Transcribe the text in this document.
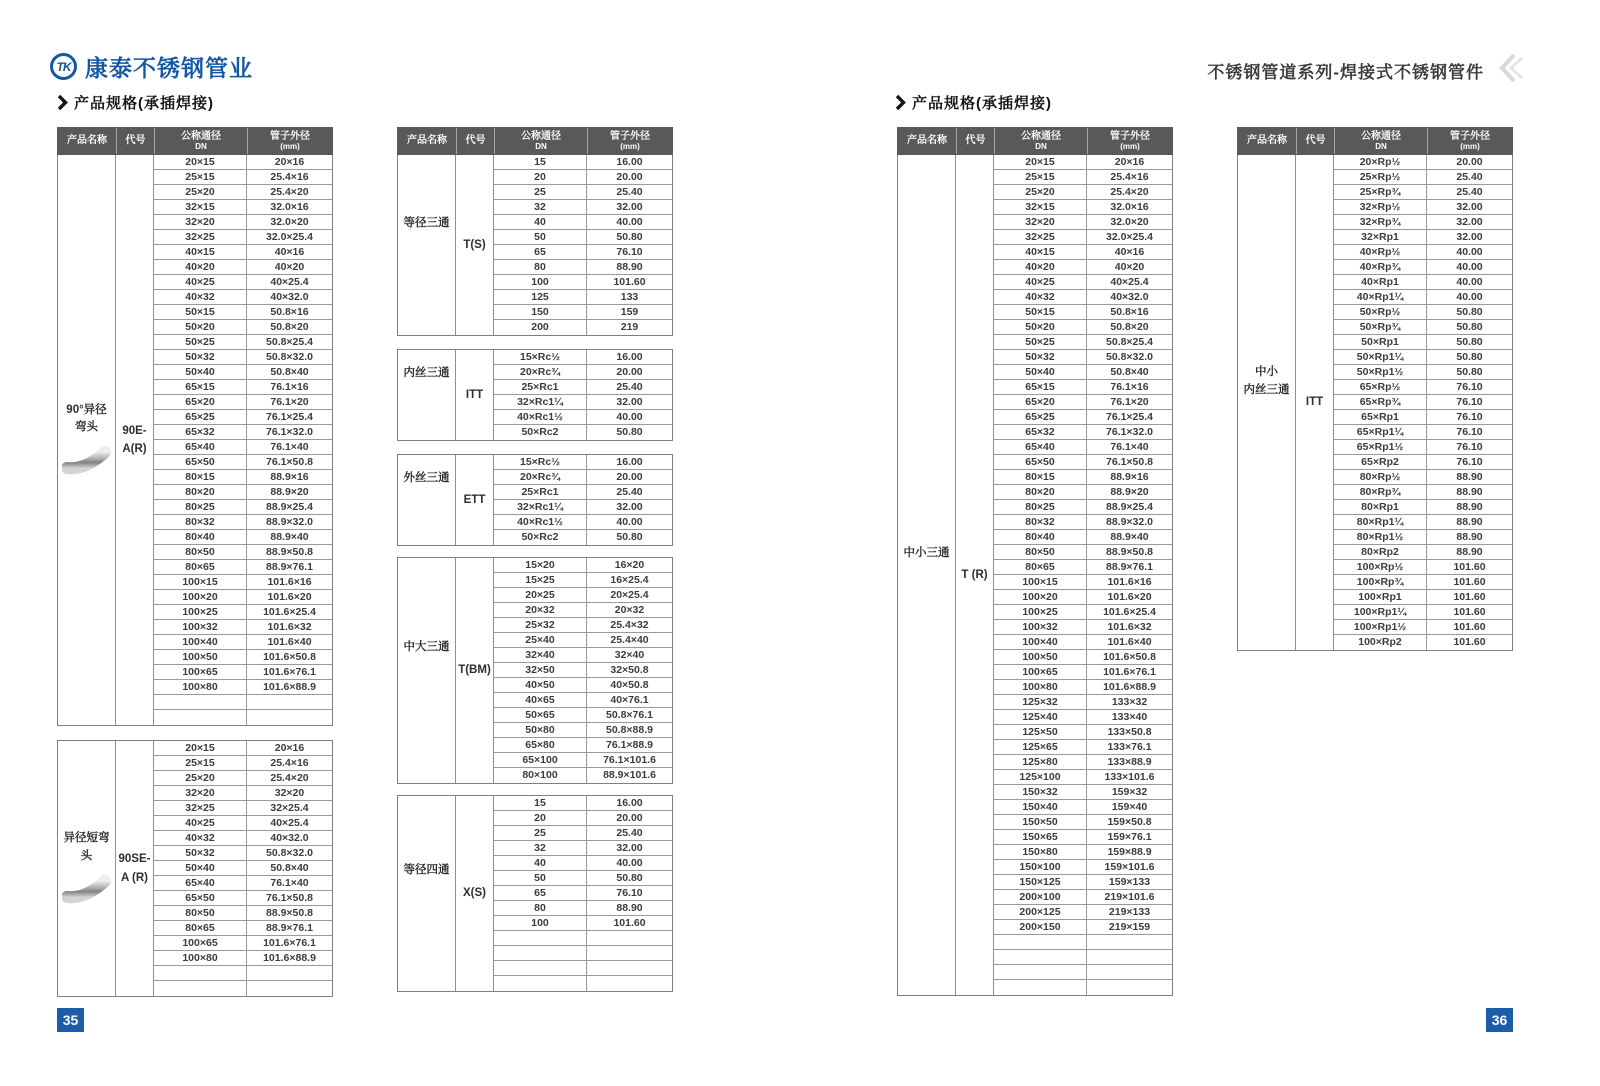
TK 康泰不锈钢管业	不锈钢管道系列-焊接式不锈钢管件
产品规格(承插焊接)	产品规格(承插焊接)
产品名称	代号	公称通径
DN
管子外径
(mm)
90°异径
弯头	90E-A(R)
20×15	20×16
25×15	25.4×16
25×20	25.4×20
32×15	32.0×16
32×20	32.0×20
32×25	32.0×25.4
40×15	40×16
40×20	40×20
40×25	40×25.4
40×32	40×32.0
50×15	50.8×16
50×20	50.8×20
50×25	50.8×25.4
50×32	50.8×32.0
50×40	50.8×40
65×15	76.1×16
65×20	76.1×20
65×25	76.1×25.4
65×32	76.1×32.0
65×40	76.1×40
65×50	76.1×50.8
80×15	88.9×16
80×20	88.9×20
80×25	88.9×25.4
80×32	88.9×32.0
80×40	88.9×40
80×50	88.9×50.8
80×65	88.9×76.1
100×15	101.6×16
100×20	101.6×20
100×25	101.6×25.4
100×32	101.6×32
100×40	101.6×40
100×50	101.6×50.8
100×65	101.6×76.1
100×80	101.6×88.9
异径短弯头	90SE-A (R)
20×15	20×16
25×15	25.4×16
25×20	25.4×20
32×20	32×20
32×25	32×25.4
40×25	40×25.4
40×32	40×32.0
50×32	50.8×32.0
50×40	50.8×40
65×40	76.1×40
65×50	76.1×50.8
80×50	88.9×50.8
80×65	88.9×76.1
100×65	101.6×76.1
100×80	101.6×88.9
产品名称	代号	公称通径
DN
管子外径
(mm)
等径三通
T(S)
15	16.00
20	20.00
25	25.40
32	32.00
40	40.00
50	50.80
65	76.10
80	88.90
100	101.60
125	133
150	159
200	219
内丝三通
ITT
15×Rc½	16.00
20×Rc¾	20.00
25×Rc1	25.40
32×Rc1¼	32.00
40×Rc1½	40.00
50×Rc2	50.80
外丝三通
ETT
15×Rc½	16.00
20×Rc¾	20.00
25×Rc1	25.40
32×Rc1¼	32.00
40×Rc1½	40.00
50×Rc2	50.80
中大三通
T(BM)
15×20	16×20
15×25	16×25.4
20×25	20×25.4
20×32	20×32
25×32	25.4×32
25×40	25.4×40
32×40	32×40
32×50	32×50.8
40×50	40×50.8
40×65	40×76.1
50×65	50.8×76.1
50×80	50.8×88.9
65×80	76.1×88.9
65×100	76.1×101.6
80×100	88.9×101.6
等径四通
X(S)
15	16.00
20	20.00
25	25.40
32	32.00
40	40.00
50	50.80
65	76.10
80	88.90
100	101.60
产品名称	代号	公称通径
DN
管子外径
(mm)
中小三通
T (R)
20×15	20×16
25×15	25.4×16
25×20	25.4×20
32×15	32.0×16
32×20	32.0×20
32×25	32.0×25.4
40×15	40×16
40×20	40×20
40×25	40×25.4
40×32	40×32.0
50×15	50.8×16
50×20	50.8×20
50×25	50.8×25.4
50×32	50.8×32.0
50×40	50.8×40
65×15	76.1×16
65×20	76.1×20
65×25	76.1×25.4
65×32	76.1×32.0
65×40	76.1×40
65×50	76.1×50.8
80×15	88.9×16
80×20	88.9×20
80×25	88.9×25.4
80×32	88.9×32.0
80×40	88.9×40
80×50	88.9×50.8
80×65	88.9×76.1
100×15	101.6×16
100×20	101.6×20
100×25	101.6×25.4
100×32	101.6×32
100×40	101.6×40
100×50	101.6×50.8
100×65	101.6×76.1
100×80	101.6×88.9
125×32	133×32
125×40	133×40
125×50	133×50.8
125×65	133×76.1
125×80	133×88.9
125×100	133×101.6
150×32	159×32
150×40	159×40
150×50	159×50.8
150×65	159×76.1
150×80	159×88.9
150×100	159×101.6
150×125	159×133
200×100	219×101.6
200×125	219×133
200×150	219×159
产品名称	代号	公称通径
DN
管子外径
(mm)
中小
内丝三通
ITT
20×Rp½	20.00
25×Rp½	25.40
25×Rp¾	25.40
32×Rp½	32.00
32×Rp¾	32.00
32×Rp1	32.00
40×Rp½	40.00
40×Rp¾	40.00
40×Rp1	40.00
40×Rp1¼	40.00
50×Rp½	50.80
50×Rp¾	50.80
50×Rp1	50.80
50×Rp1¼	50.80
50×Rp1½	50.80
65×Rp½	76.10
65×Rp¾	76.10
65×Rp1	76.10
65×Rp1¼	76.10
65×Rp1½	76.10
65×Rp2	76.10
80×Rp½	88.90
80×Rp¾	88.90
80×Rp1	88.90
80×Rp1¼	88.90
80×Rp1½	88.90
80×Rp2	88.90
100×Rp½	101.60
100×Rp¾	101.60
100×Rp1	101.60
100×Rp1¼	101.60
100×Rp1½	101.60
100×Rp2	101.60
35	36
